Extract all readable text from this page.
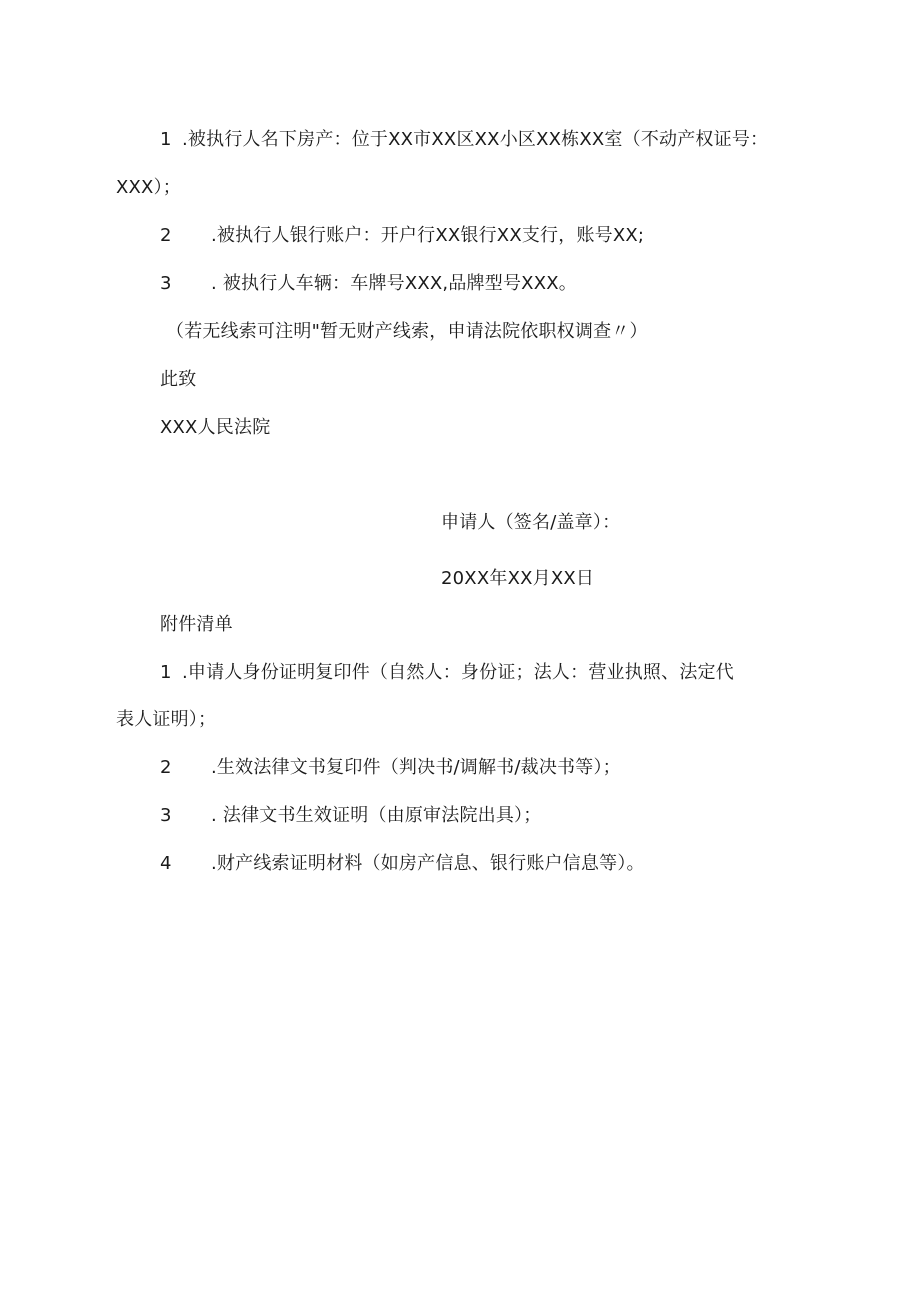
1 .被执行人名下房产：位于XX市XX区XX小区XX栋XX室（不动产权证号：
XXX）；
2 .被执行人银行账户：开户行XX银行XX支行，账号XX;
3 . 被执行人车辆：车牌号XXX,品牌型号XXX。
（若无线索可注明"暂无财产线索，申请法院依职权调查〃）
此致
XXX人民法院
申请人（签名/盖章）：
20XX年XX月XX日
附件清单
1 .申请人身份证明复印件（自然人：身份证；法人：营业执照、法定代
表人证明）；
2 .生效法律文书复印件（判决书/调解书/裁决书等）；
3 . 法律文书生效证明（由原审法院出具）；
4 .财产线索证明材料（如房产信息、银行账户信息等）。
